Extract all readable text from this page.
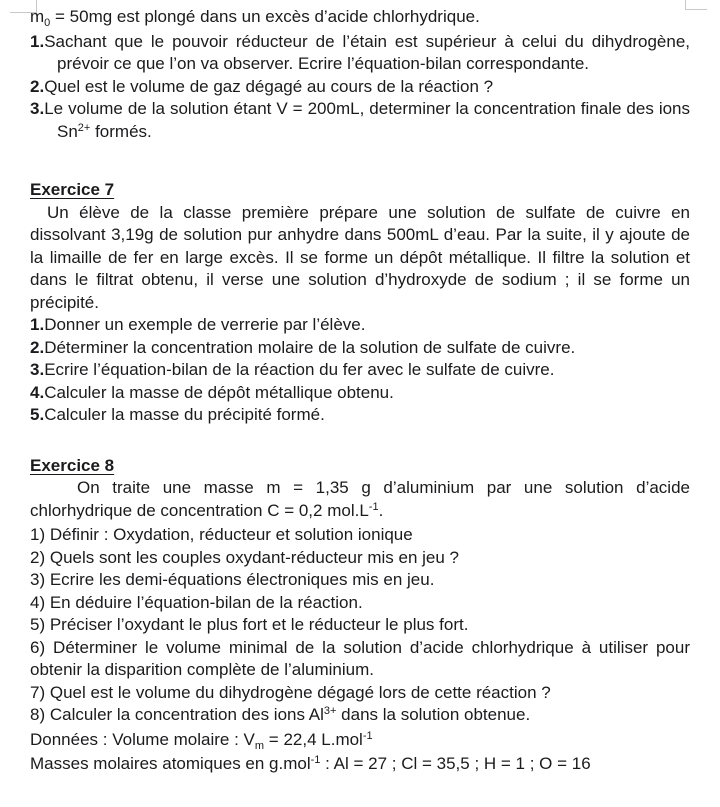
$m_0 = 50mg$ est plongé dans un excès d’acide chlorhydrique.

1.Sachant que le pouvoir réducteur de l’étain est supérieur à celui du dihydrogène, prévoir ce que l’on va observer. Ecrire l’équation-bilan correspondante.

2.Quel est le volume de gaz dégagé au cours de la réaction ?

3.Le volume de la solution étant V = 200mL, determiner la concentration finale des ions $Sn^{2+}$ formés.

Exercice 7

Un élève de la classe première prépare une solution de sulfate de cuivre en dissolvant 3,19g de solution pur anhydre dans 500mL d’eau. Par la suite, il y ajoute de la limaille de fer en large excès. Il se forme un dépôt métallique. Il filtre la solution et dans le filtrat obtenu, il verse une solution d’hydroxyde de sodium ; il se forme un précipité.

1.Donner un exemple de verrerie par l’élève.

2.Déterminer la concentration molaire de la solution de sulfate de cuivre.

3.Ecrire l’équation-bilan de la réaction du fer avec le sulfate de cuivre.

4.Calculer la masse de dépôt métallique obtenu.

5.Calculer la masse du précipité formé.

Exercice 8

On traite une masse m = 1,35 g d’aluminium par une solution d’acide chlorhydrique de concentration C = 0,2 $mol.L^{-1}$.

1) Définir : Oxydation, réducteur et solution ionique

2) Quels sont les couples oxydant-réducteur mis en jeu ?

3) Ecrire les demi-équations électroniques mis en jeu.

4) En déduire l’équation-bilan de la réaction.

5) Préciser l’oxydant le plus fort et le réducteur le plus fort.

6) Déterminer le volume minimal de la solution d’acide chlorhydrique à utiliser pour obtenir la disparition complète de l’aluminium.

7) Quel est le volume du dihydrogène dégagé lors de cette réaction ?

8) Calculer la concentration des ions $Al^{3+}$ dans la solution obtenue.

Données : Volume molaire : $V_m = 22,4$ L.mol$^{-1}$

Masses molaires atomiques en g.mol$^{-1}$ : Al = 27 ; Cl = 35,5 ; H = 1 ; O = 16
